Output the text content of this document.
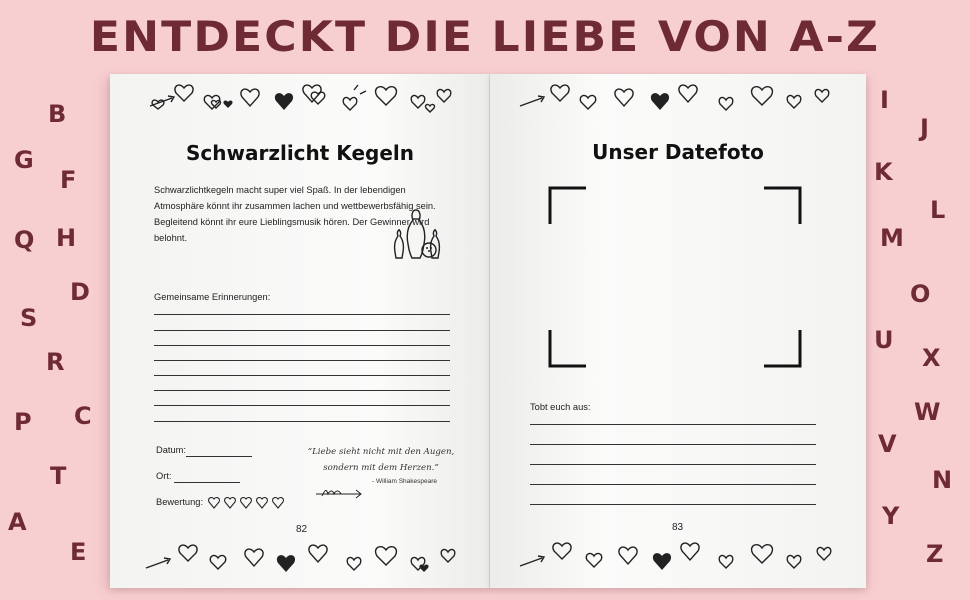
ENTDECKT DIE LIEBE VON A-Z
B
G
F
Q H
D
S
R
P C
T
A
E
I
J
K
L
M
O
U
X
W
V
N
Y
Z
Schwarzlicht Kegeln
Schwarzlichtkegeln macht super viel Spaß. In der lebendigen Atmosphäre könnt ihr zusammen lachen und wettbewerbsfähig sein. Begleitend könnt ihr eure Lieblingsmusik hören. Der Gewinner wird belohnt.
Gemeinsame Erinnerungen:
Datum:
Ort:
Bewertung:
“Liebe sieht nicht mit den Augen, sondern mit dem Herzen.”
- William Shakespeare
82
Unser Datefoto
Tobt euch aus:
83
